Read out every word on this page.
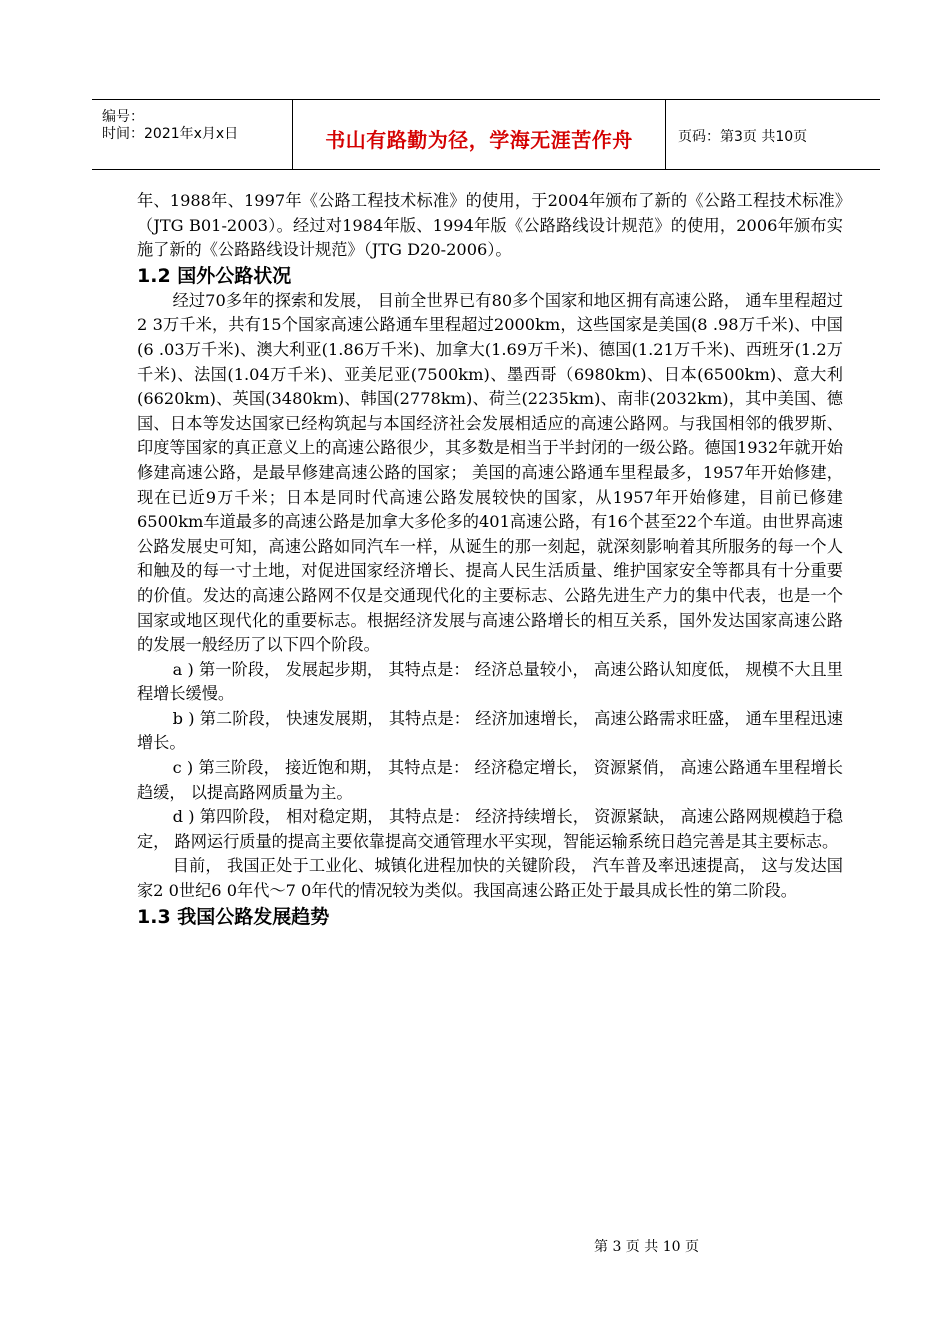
编号：
时间：2021年x月x日	书山有路勤为径，学海无涯苦作舟	页码：第3页 共10页

年、1988年、1997年《公路工程技术标准》的使用，于2004年颁布了新的《公路工程技术标准》（JTG B01-2003）。经过对1984年版、1994年版《公路路线设计规范》的使用，2006年颁布实施了新的《公路路线设计规范》（JTG D20-2006）。

1.2 国外公路状况

经过70多年的探索和发展， 目前全世界已有80多个国家和地区拥有高速公路， 通车里程超过2 3万千米，共有15个国家高速公路通车里程超过2000km，这些国家是美国(8 .98万千米)、中国(6 .03万千米)、澳大利亚(1.86万千米)、加拿大(1.69万千米)、德国(1.21万千米)、西班牙(1.2万千米)、法国(1.04万千米)、亚美尼亚(7500km)、墨西哥（6980km)、日本(6500km)、意大利(6620km)、英国(3480km)、韩国(2778km)、荷兰(2235km)、南非(2032km)，其中美国、德国、日本等发达国家已经构筑起与本国经济社会发展相适应的高速公路网。与我国相邻的俄罗斯、印度等国家的真正意义上的高速公路很少，其多数是相当于半封闭的一级公路。德国1932年就开始修建高速公路，是最早修建高速公路的国家； 美国的高速公路通车里程最多，1957年开始修建，现在已近9万千米；日本是同时代高速公路发展较快的国家，从1957年开始修建，目前已修建6500km车道最多的高速公路是加拿大多伦多的401高速公路，有16个甚至22个车道。由世界高速公路发展史可知，高速公路如同汽车一样，从诞生的那一刻起，就深刻影响着其所服务的每一个人和触及的每一寸土地，对促进国家经济增长、提高人民生活质量、维护国家安全等都具有十分重要的价值。发达的高速公路网不仅是交通现代化的主要标志、公路先进生产力的集中代表，也是一个国家或地区现代化的重要标志。根据经济发展与高速公路增长的相互关系，国外发达国家高速公路的发展一般经历了以下四个阶段。

a ) 第一阶段， 发展起步期， 其特点是： 经济总量较小， 高速公路认知度低， 规模不大且里程增长缓慢。

b ) 第二阶段， 快速发展期， 其特点是： 经济加速增长， 高速公路需求旺盛， 通车里程迅速增长。

c ) 第三阶段， 接近饱和期， 其特点是： 经济稳定增长， 资源紧俏， 高速公路通车里程增长趋缓， 以提高路网质量为主。

d ) 第四阶段， 相对稳定期， 其特点是： 经济持续增长， 资源紧缺， 高速公路网规模趋于稳定， 路网运行质量的提高主要依靠提高交通管理水平实现，智能运输系统日趋完善是其主要标志。

目前， 我国正处于工业化、城镇化进程加快的关键阶段， 汽车普及率迅速提高， 这与发达国家2 0世纪6 0年代～7 0年代的情况较为类似。我国高速公路正处于最具成长性的第二阶段。

1.3 我国公路发展趋势
第 3 页 共 10 页
